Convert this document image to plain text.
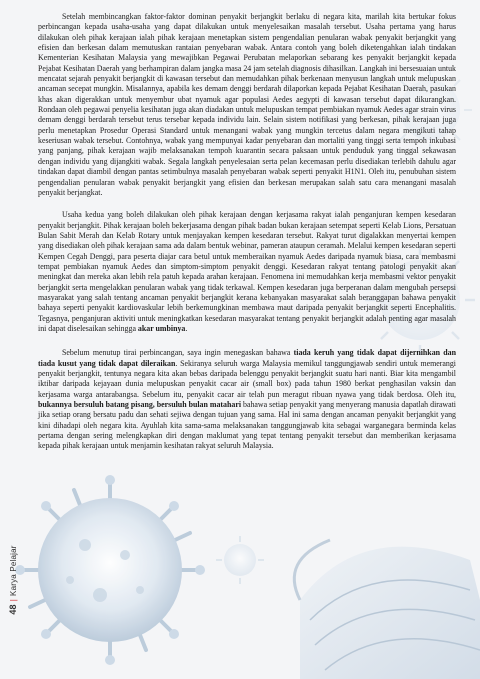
48|Karya Pelajar

Setelah membincangkan faktor-faktor dominan penyakit berjangkit berlaku di negara kita, marilah kita bertukar fokus perbincangan kepada usaha-usaha yang dapat dilakukan untuk menyelesaikan masalah tersebut. Usaha pertama yang harus dilakukan oleh pihak kerajaan ialah pihak kerajaan menetapkan sistem pengendalian penularan wabak penyakit berjangkit yang efisien dan berkesan dalam memutuskan rantaian penyebaran wabak. Antara contoh yang boleh diketengahkan ialah tindakan Kementerian Kesihatan Malaysia yang mewajibkan Pegawai Perubatan melaporkan sebarang kes penyakit berjangkit kepada Pejabat Kesihatan Daerah yang berhampiran dalam jangka masa 24 jam setelah diagnosis dihasilkan. Langkah ini bersesuaian untuk mencatat sejarah penyakit berjangkit di kawasan tersebut dan memudahkan pihak berkenaan menyusun langkah untuk melupuskan ancaman secepat mungkin. Misalannya, apabila kes demam denggi berdarah dilaporkan kepada Pejabat Kesihatan Daerah, pasukan khas akan digerakkan untuk menyembur ubat nyamuk agar populasi Aedes aegypti di kawasan tersebut dapat dikurangkan. Rondaan oleh pegawai penyelia kesihatan juga akan diadakan untuk melupuskan tempat pembiakan nyamuk Aedes agar strain virus demam denggi berdarah tersebut terus tersebar kepada individu lain. Selain sistem notifikasi yang berkesan, pihak kerajaan juga perlu menetapkan Prosedur Operasi Standard untuk menangani wabak yang mungkin tercetus dalam negara mengikuti tahap keseriusan wabak tersebut. Contohnya, wabak yang mempunyai kadar penyebaran dan mortaliti yang tinggi serta tempoh inkubasi yang panjang, pihak kerajaan wajib melaksanakan tempoh kuarantin secara paksaan untuk penduduk yang tinggal sekawasan dengan individu yang dijangkiti wabak. Segala langkah penyelesaian serta pelan kecemasan perlu disediakan terlebih dahulu agar tindakan dapat diambil dengan pantas setimbulnya masalah penyebaran wabak seperti penyakit H1N1. Oleh itu, penubuhan sistem pengendalian penularan wabak penyakit berjangkit yang efisien dan berkesan merupakan salah satu cara menangani masalah penyakit berjangkat.

Usaha kedua yang boleh dilakukan oleh pihak kerajaan dengan kerjasama rakyat ialah penganjuran kempen kesedaran penyakit berjangkit. Pihak kerajaan boleh bekerjasama dengan pihak badan bukan kerajaan setempat seperti Kelab Lions, Persatuan Bulan Sabit Merah dan Kelab Rotary untuk menjayakan kempen kesedaran tersebut. Rakyat turut digalakkan menyertai kempen yang disediakan oleh pihak kerajaan sama ada dalam bentuk webinar, pameran ataupun ceramah. Melalui kempen kesedaran seperti Kempen Cegah Denggi, para peserta diajar cara betul untuk memberaikan nyamuk Aedes daripada nyamuk biasa, cara membasmi tempat pembiakan nyamuk Aedes dan simptom-simptom penyakit denggi. Kesedaran rakyat tentang patologi penyakit akan meningkat dan mereka akan lebih rela patuh kepada arahan kerajaan. Fenomena ini memudahkan kerja membasmi vektor penyakit berjangkit serta mengelakkan penularan wabak yang tidak terkawal. Kempen kesedaran juga berperanan dalam mengubah persepsi masyarakat yang salah tentang ancaman penyakit berjangkit kerana kebanyakan masyarakat salah beranggapan bahawa penyakit bahaya seperti penyakit kardiovaskular lebih berkemungkinan membawa maut daripada penyakit berjangkit seperti Encephalitis. Tegasnya, penganjuran aktiviti untuk meningkatkan kesedaran masyarakat tentang penyakit berjangkit adalah penting agar masalah ini dapat diselesaikan sehingga akar umbinya.

Sebelum menutup tirai perbincangan, saya ingin menegaskan bahawa tiada keruh yang tidak dapat dijernihkan dan tiada kusut yang tidak dapat dileraikan. Sekiranya seluruh warga Malaysia memikul tanggungjawab sendiri untuk memerangi penyakit berjangkit, tentunya negara kita akan bebas daripada belenggu penyakit berjangkit suatu hari nanti. Biar kita mengambil iktibar daripada kejayaan dunia melupuskan penyakit cacar air (small box) pada tahun 1980 berkat penghasilan vaksin dan kerjasama warga antarabangsa. Sebelum itu, penyakit cacar air telah pun meragut ribuan nyawa yang tidak berdosa. Oleh itu, bukannya bersuluh batang pisang, bersuluh bulan matahari bahawa setiap penyakit yang menyerang manusia dapatlah dirawati jika setiap orang bersatu padu dan sehati sejiwa dengan tujuan yang sama. Hal ini sama dengan ancaman penyakit berjangkit yang kini dihadapi oleh negara kita. Ayuhlah kita sama-sama melaksanakan tanggungjawab kita sebagai warganegara berminda kelas pertama dengan sering melengkapkan diri dengan maklumat yang tepat tentang penyakit tersebut dan memberikan kerjasama kepada pihak kerajaan untuk menjamin kesihatan rakyat seluruh Malaysia.
